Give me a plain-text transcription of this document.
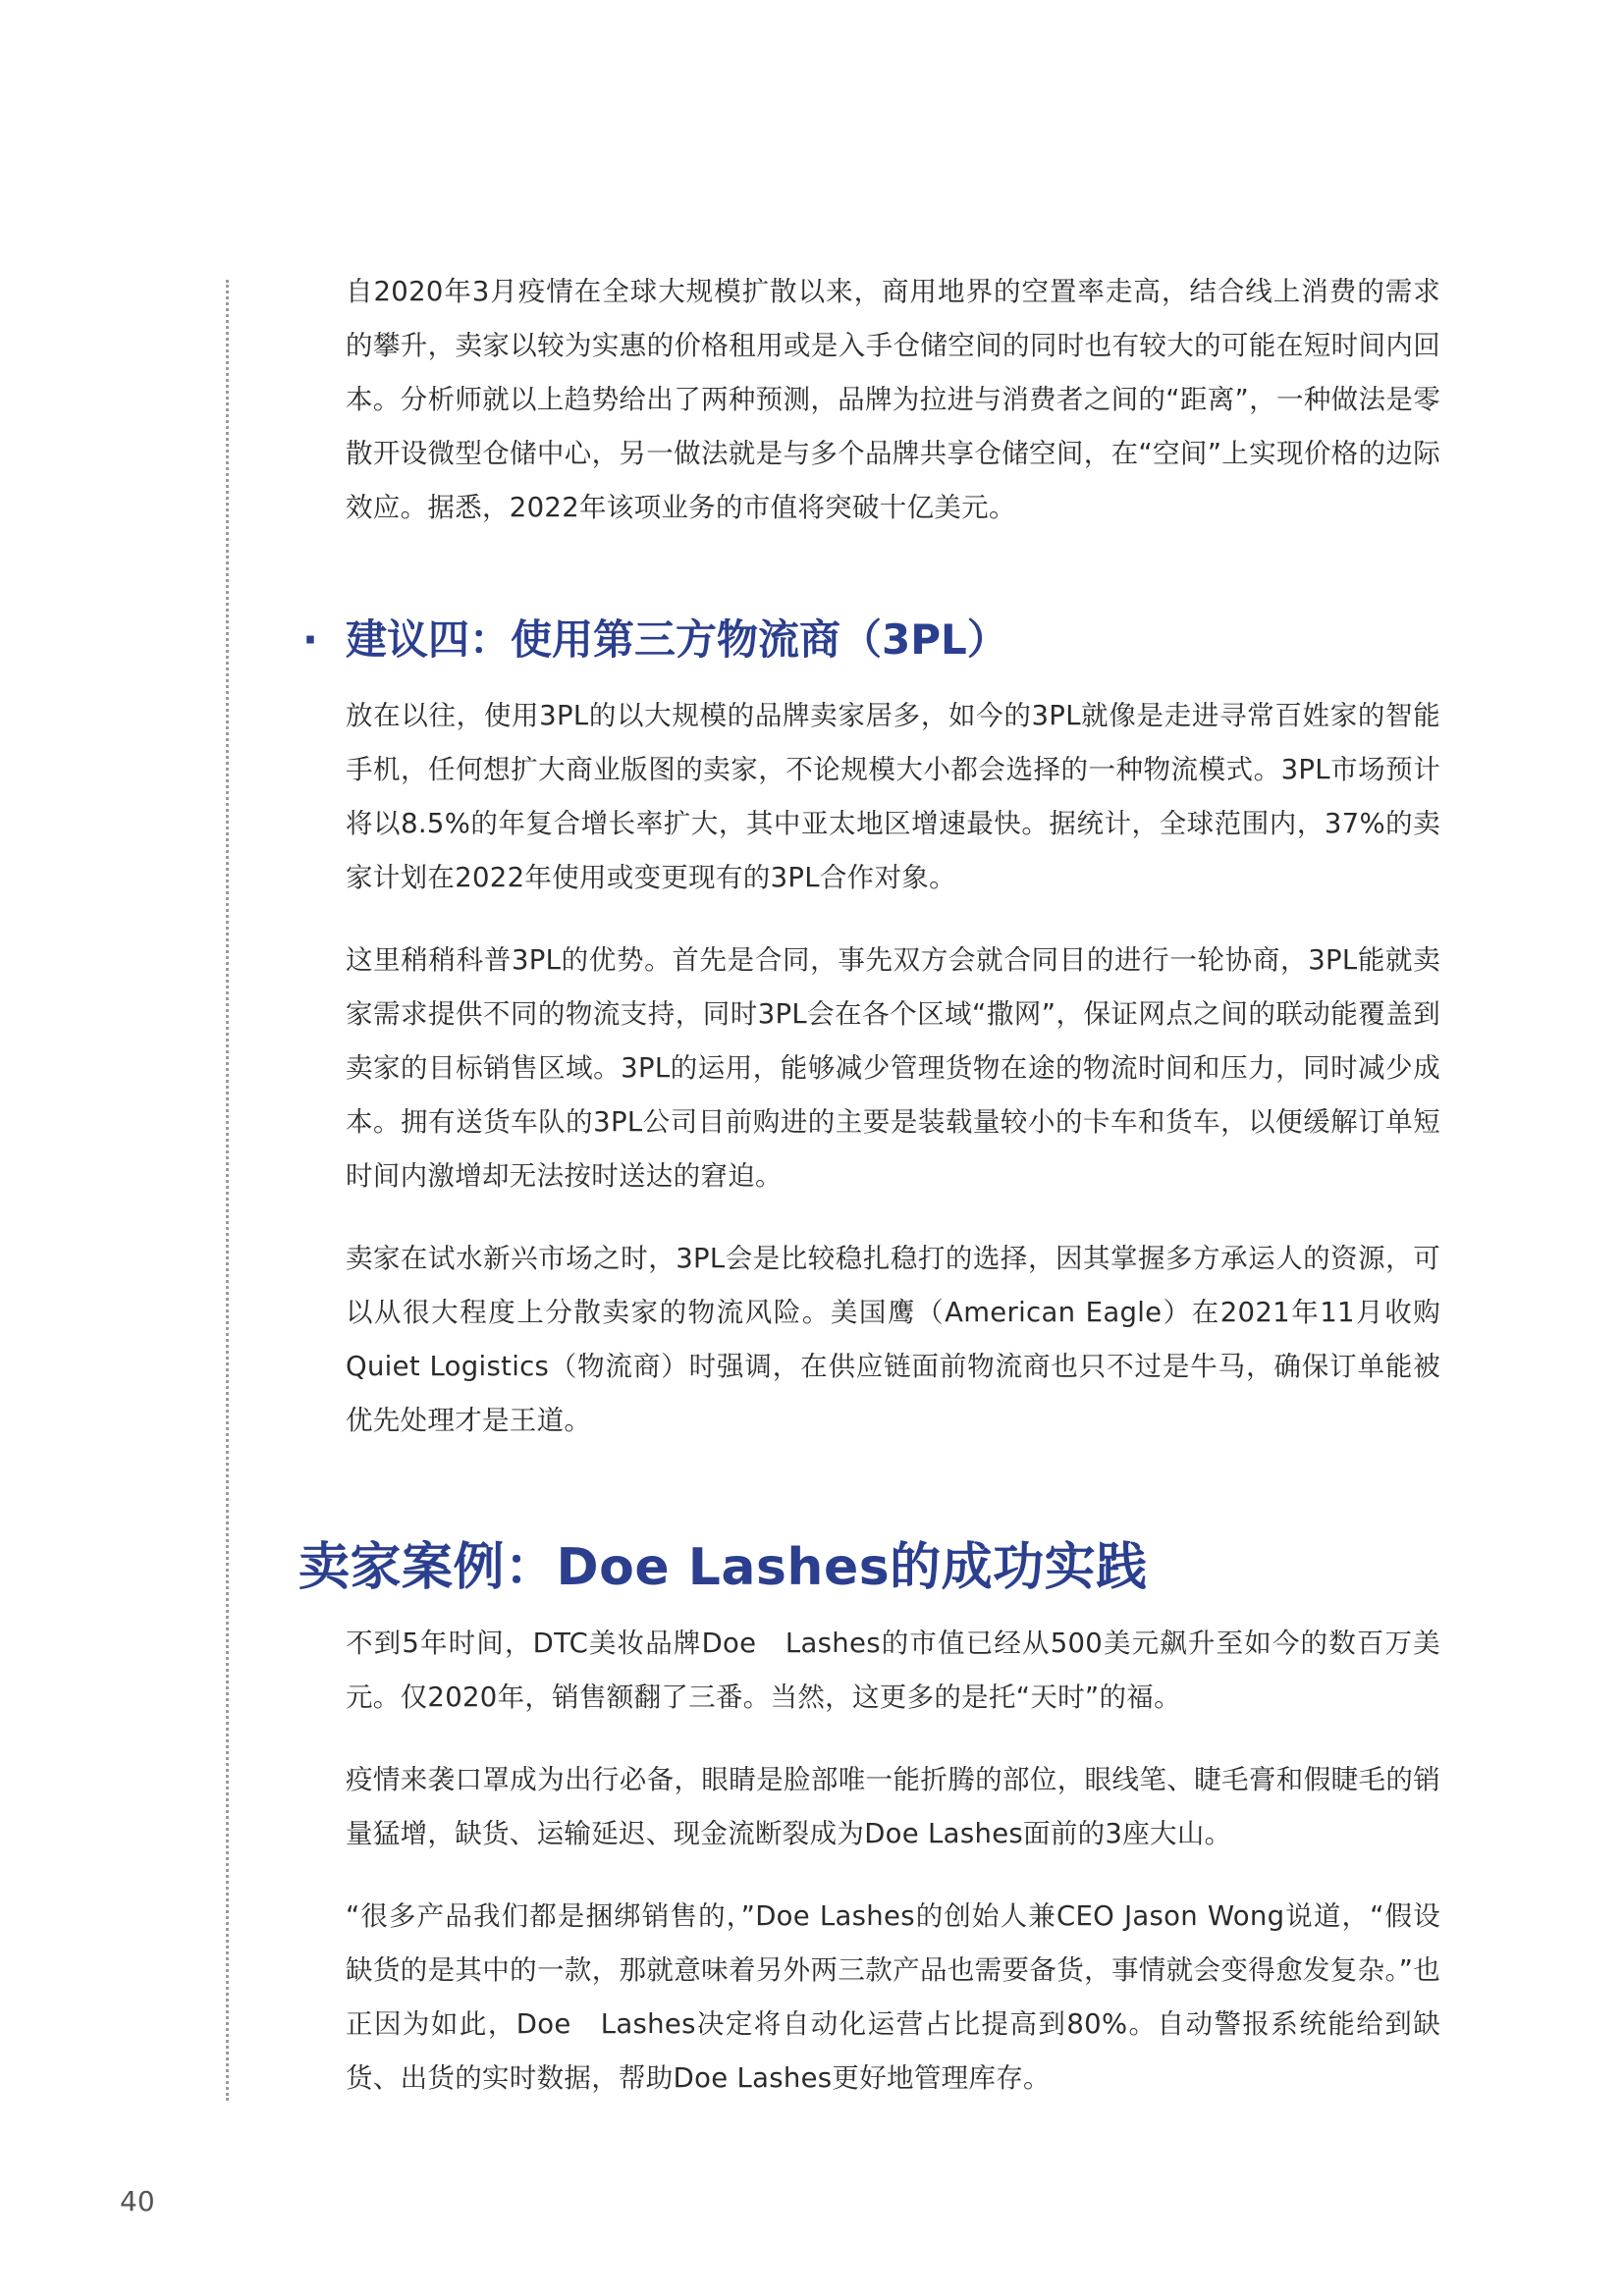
自2020年3月疫情在全球大规模扩散以来，商用地界的空置率走高，结合线上消费的需求的攀升，卖家以较为实惠的价格租用或是入手仓储空间的同时也有较大的可能在短时间内回本。分析师就以上趋势给出了两种预测，品牌为拉进与消费者之间的“距离”，一种做法是零散开设微型仓储中心，另一做法就是与多个品牌共享仓储空间，在“空间”上实现价格的边际效应。据悉，2022年该项业务的市值将突破十亿美元。

· 建议四：使用第三方物流商（3PL）

放在以往，使用3PL的以大规模的品牌卖家居多，如今的3PL就像是走进寻常百姓家的智能手机，任何想扩大商业版图的卖家，不论规模大小都会选择的一种物流模式。3PL市场预计将以8.5%的年复合增长率扩大，其中亚太地区增速最快。据统计，全球范围内，37%的卖家计划在2022年使用或变更现有的3PL合作对象。

这里稍稍科普3PL的优势。首先是合同，事先双方会就合同目的进行一轮协商，3PL能就卖家需求提供不同的物流支持，同时3PL会在各个区域“撒网”，保证网点之间的联动能覆盖到卖家的目标销售区域。3PL的运用，能够减少管理货物在途的物流时间和压力，同时减少成本。拥有送货车队的3PL公司目前购进的主要是装载量较小的卡车和货车，以便缓解订单短时间内激增却无法按时送达的窘迫。

卖家在试水新兴市场之时，3PL会是比较稳扎稳打的选择，因其掌握多方承运人的资源，可以从很大程度上分散卖家的物流风险。美国鹰（American Eagle）在2021年11月收购Quiet Logistics（物流商）时强调，在供应链面前物流商也只不过是牛马，确保订单能被优先处理才是王道。

卖家案例：Doe Lashes的成功实践

不到5年时间，DTC美妆品牌Doe　Lashes的市值已经从500美元飙升至如今的数百万美元。仅2020年，销售额翻了三番。当然，这更多的是托“天时”的福。

疫情来袭口罩成为出行必备，眼睛是脸部唯一能折腾的部位，眼线笔、睫毛膏和假睫毛的销量猛增，缺货、运输延迟、现金流断裂成为Doe Lashes面前的3座大山。

“很多产品我们都是捆绑销售的，”Doe Lashes的创始人兼CEO Jason Wong说道，“假设缺货的是其中的一款，那就意味着另外两三款产品也需要备货，事情就会变得愈发复杂。”也正因为如此，Doe　Lashes决定将自动化运营占比提高到80%。自动警报系统能给到缺货、出货的实时数据，帮助Doe Lashes更好地管理库存。

40
